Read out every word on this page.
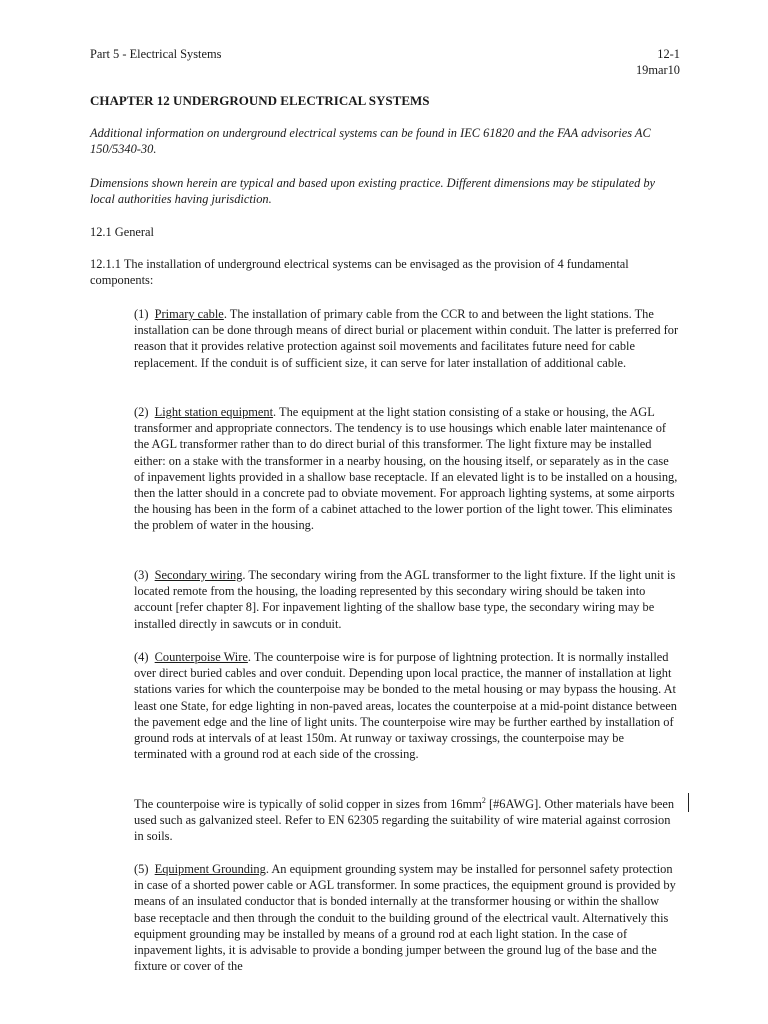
Part 5 - Electrical Systems	12-1
19mar10
CHAPTER 12 UNDERGROUND ELECTRICAL SYSTEMS

Additional information on underground electrical systems can be found in IEC 61820 and the FAA advisories AC 150/5340-30.

Dimensions shown herein are typical and based upon existing practice. Different dimensions may be stipulated by local authorities having jurisdiction.

12.1 General

12.1.1 The installation of underground electrical systems can be envisaged as the provision of 4 fundamental components:

(1) Primary cable. The installation of primary cable from the CCR to and between the light stations. The installation can be done through means of direct burial or placement within conduit. The latter is preferred for reason that it provides relative protection against soil movements and facilitates future need for cable replacement. If the conduit is of sufficient size, it can serve for later installation of additional cable.

(2) Light station equipment. The equipment at the light station consisting of a stake or housing, the AGL transformer and appropriate connectors. The tendency is to use housings which enable later maintenance of the AGL transformer rather than to do direct burial of this transformer. The light fixture may be installed either: on a stake with the transformer in a nearby housing, on the housing itself, or separately as in the case of inpavement lights provided in a shallow base receptacle. If an elevated light is to be installed on a housing, then the latter should in a concrete pad to obviate movement. For approach lighting systems, at some airports the housing has been in the form of a cabinet attached to the lower portion of the light tower. This eliminates the problem of water in the housing.

(3) Secondary wiring. The secondary wiring from the AGL transformer to the light fixture. If the light unit is located remote from the housing, the loading represented by this secondary wiring should be taken into account [refer chapter 8]. For inpavement lighting of the shallow base type, the secondary wiring may be installed directly in sawcuts or in conduit.

(4) Counterpoise Wire. The counterpoise wire is for purpose of lightning protection. It is normally installed over direct buried cables and over conduit. Depending upon local practice, the manner of installation at light stations varies for which the counterpoise may be bonded to the metal housing or may bypass the housing. At least one State, for edge lighting in non-paved areas, locates the counterpoise at a mid-point distance between the pavement edge and the line of light units. The counterpoise wire may be further earthed by installation of ground rods at intervals of at least 150m. At runway or taxiway crossings, the counterpoise may be terminated with a ground rod at each side of the crossing.

The counterpoise wire is typically of solid copper in sizes from $16mm^2$ [#6AWG]. Other materials have been used such as galvanized steel. Refer to EN 62305 regarding the suitability of wire material against corrosion in soils.

(5) Equipment Grounding. An equipment grounding system may be installed for personnel safety protection in case of a shorted power cable or AGL transformer. In some practices, the equipment ground is provided by means of an insulated conductor that is bonded internally at the transformer housing or within the shallow base receptacle and then through the conduit to the building ground of the electrical vault. Alternatively this equipment grounding may be installed by means of a ground rod at each light station. In the case of inpavement lights, it is advisable to provide a bonding jumper between the ground lug of the base and the fixture or cover of the
